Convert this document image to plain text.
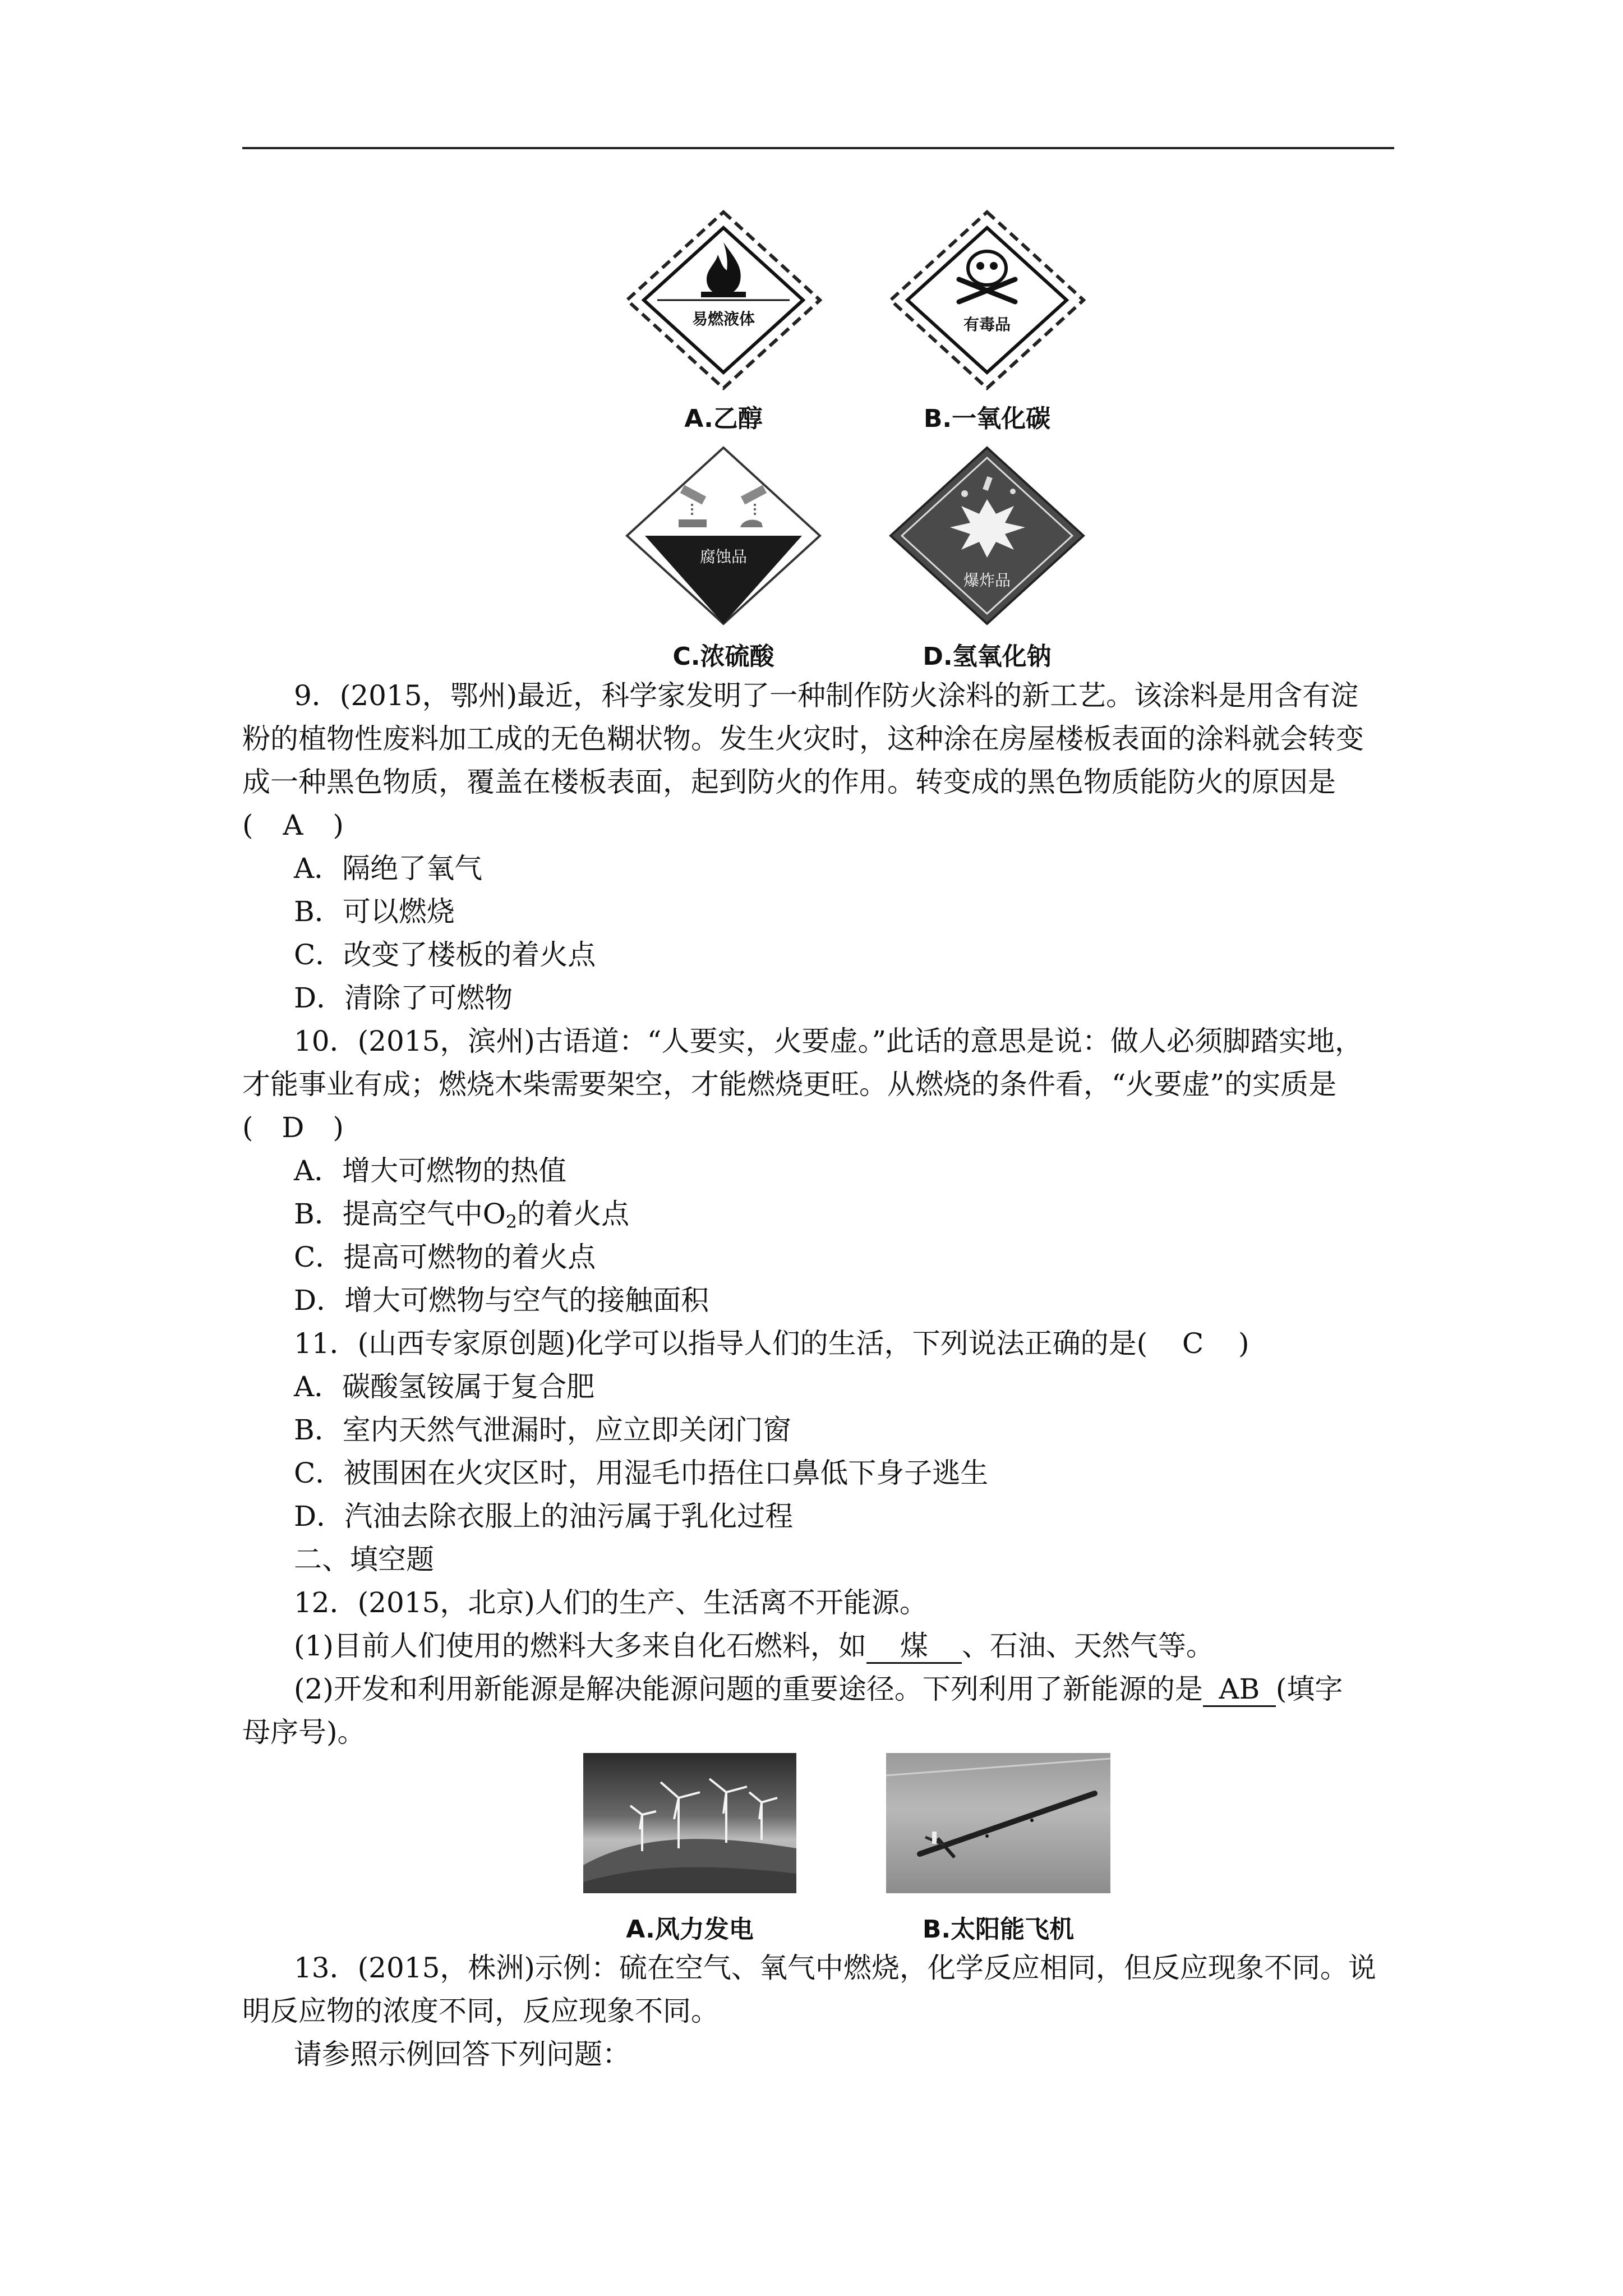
易燃液体
A.乙醇
有毒品
B.一氧化碳
腐蚀品
C.浓硫酸
爆炸品
D.氢氧化钠
9．(2015，鄂州)最近，科学家发明了一种制作防火涂料的新工艺。该涂料是用含有淀
粉的植物性废料加工成的无色糊状物。发生火灾时，这种涂在房屋楼板表面的涂料就会转变
成一种黑色物质，覆盖在楼板表面，起到防火的作用。转变成的黑色物质能防火的原因是
( A )
A．隔绝了氧气
B．可以燃烧
C．改变了楼板的着火点
D．清除了可燃物
10．(2015，滨州)古语道：“人要实，火要虚。”此话的意思是说：做人必须脚踏实地，
才能事业有成；燃烧木柴需要架空，才能燃烧更旺。从燃烧的条件看，“火要虚”的实质是
( D )
A．增大可燃物的热值
B．提高空气中$O_2$的着火点
C．提高可燃物的着火点
D．增大可燃物与空气的接触面积
11．(山西专家原创题)化学可以指导人们的生活，下列说法正确的是( C )
A．碳酸氢铵属于复合肥
B．室内天然气泄漏时，应立即关闭门窗
C．被围困在火灾区时，用湿毛巾捂住口鼻低下身子逃生
D．汽油去除衣服上的油污属于乳化过程
二、填空题
12．(2015，北京)人们的生产、生活离不开能源。
(1)目前人们使用的燃料大多来自化石燃料，如 煤 、石油、天然气等。
(2)开发和利用新能源是解决能源问题的重要途径。下列利用了新能源的是 AB (填字
母序号)。
A.风力发电	B.太阳能飞机
13．(2015，株洲)示例：硫在空气、氧气中燃烧，化学反应相同，但反应现象不同。说
明反应物的浓度不同，反应现象不同。
请参照示例回答下列问题：
